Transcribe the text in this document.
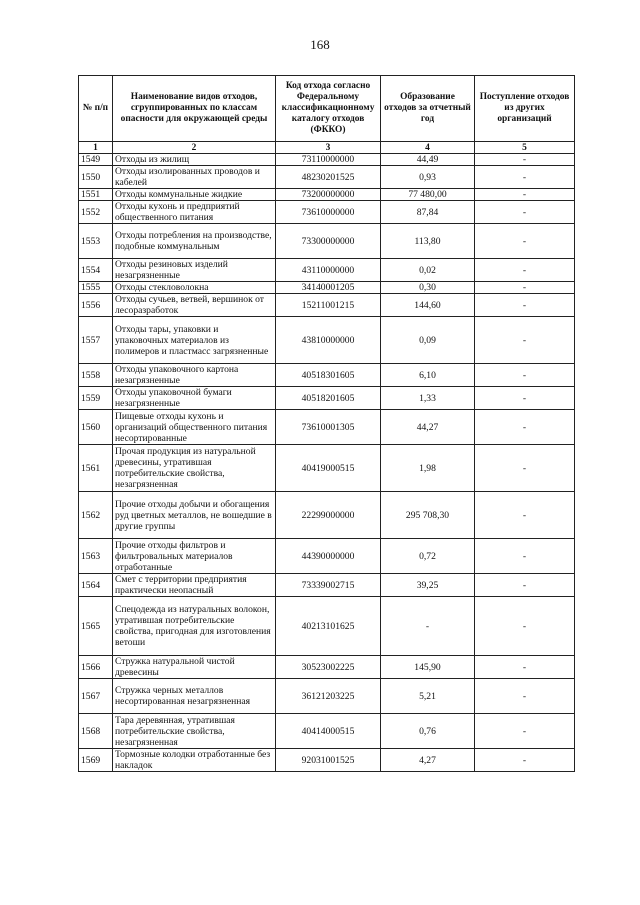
168
№ п/п	Наименование видов отходов, сгруппированных по классам опасности для окружающей среды	Код отхода согласно Федеральному классификационному каталогу отходов (ФККО)	Образование отходов за отчетный год	Поступление отходов из других организаций
1	2	3	4	5
1549	Отходы из жилищ	73110000000	44,49	-
1550	Отходы изолированных проводов и кабелей	48230201525	0,93	-
1551	Отходы коммунальные жидкие	73200000000	77 480,00	-
1552	Отходы кухонь и предприятий общественного питания	73610000000	87,84	-
1553	Отходы потребления на производстве, подобные коммунальным	73300000000	113,80	-
1554	Отходы резиновых изделий незагрязненные	43110000000	0,02	-
1555	Отходы стекловолокна	34140001205	0,30	-
1556	Отходы сучьев, ветвей, вершинок от лесоразработок	15211001215	144,60	-
1557	Отходы тары, упаковки и упаковочных материалов из полимеров и пластмасс загрязненные	43810000000	0,09	-
1558	Отходы упаковочного картона незагрязненные	40518301605	6,10	-
1559	Отходы упаковочной бумаги незагрязненные	40518201605	1,33	-
1560	Пищевые отходы кухонь и организаций общественного питания несортированные	73610001305	44,27	-
1561	Прочая продукция из натуральной древесины, утратившая потребительские свойства, незагрязненная	40419000515	1,98	-
1562	Прочие отходы добычи и обогащения руд цветных металлов, не вошедшие в другие группы	22299000000	295 708,30	-
1563	Прочие отходы фильтров и фильтровальных материалов отработанные	44390000000	0,72	-
1564	Смет с территории предприятия практически неопасный	73339002715	39,25	-
1565	Спецодежда из натуральных волокон, утратившая потребительские свойства, пригодная для изготовления ветоши	40213101625	-	-
1566	Стружка натуральной чистой древесины	30523002225	145,90	-
1567	Стружка черных металлов несортированная незагрязненная	36121203225	5,21	-
1568	Тара деревянная, утратившая потребительские свойства, незагрязненная	40414000515	0,76	-
1569	Тормозные колодки отработанные без накладок	92031001525	4,27	-
